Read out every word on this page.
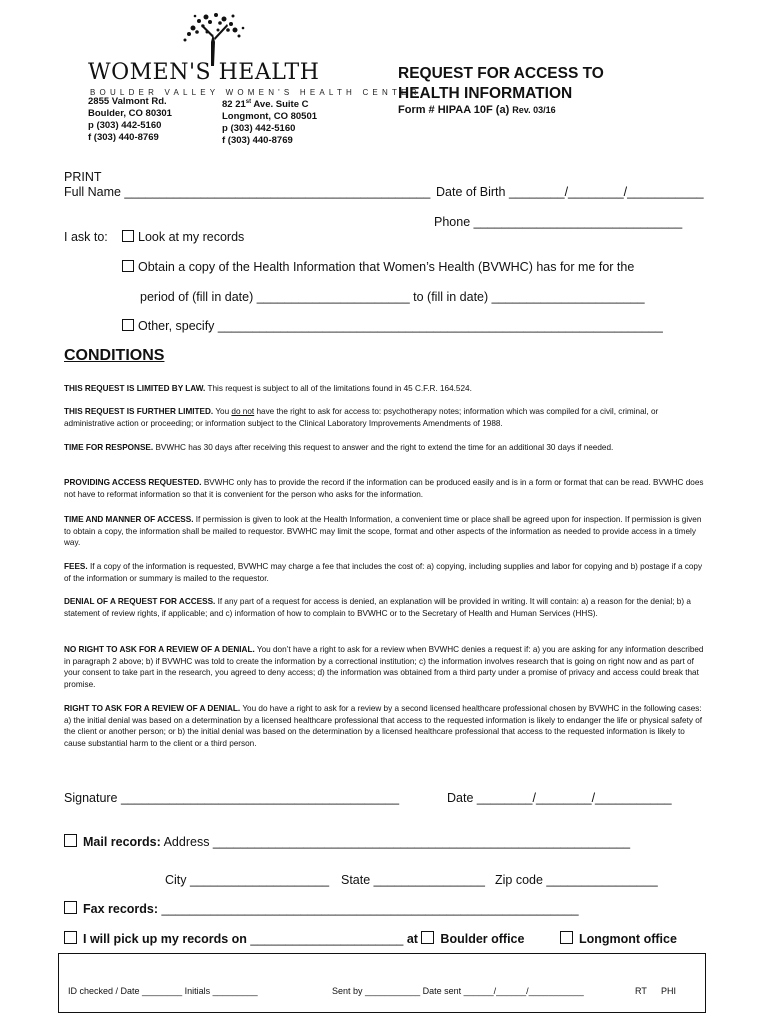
WOMEN'S HEALTH
BOULDER VALLEY WOMEN'S HEALTH CENTER
2855 Valmont Rd.
Boulder, CO 80301
p (303) 442-5160
f (303) 440-8769
82 21st Ave. Suite C
Longmont, CO 80501
p (303) 442-5160
f (303) 440-8769
REQUEST FOR ACCESS TO
HEALTH INFORMATION
Form # HIPAA 10F (a) Rev. 03/16
PRINT
Full Name ____________________________________________ Date of Birth ________/________/___________
Phone ______________________________
I ask to:	Look at my records
Obtain a copy of the Health Information that Women’s Health (BVWHC) has for me for the
period of (fill in date) ______________________ to (fill in date) ______________________
Other, specify ________________________________________________________________
CONDITIONS
THIS REQUEST IS LIMITED BY LAW. This request is subject to all of the limitations found in 45 C.F.R. 164.524.
THIS REQUEST IS FURTHER LIMITED. You do not have the right to ask for access to: psychotherapy notes; information which was compiled for a civil, criminal, or administrative action or proceeding; or information subject to the Clinical Laboratory Improvements Amendments of 1988.
TIME FOR RESPONSE. BVWHC has 30 days after receiving this request to answer and the right to extend the time for an additional 30 days if needed.
PROVIDING ACCESS REQUESTED. BVWHC only has to provide the record if the information can be produced easily and is in a form or format that can be read. BVWHC does not have to reformat information so that it is convenient for the person who asks for the information.
TIME AND MANNER OF ACCESS. If permission is given to look at the Health Information, a convenient time or place shall be agreed upon for inspection. If permission is given to obtain a copy, the information shall be mailed to requestor. BVWHC may limit the scope, format and other aspects of the information as needed to provide access in a timely way.
FEES. If a copy of the information is requested, BVWHC may charge a fee that includes the cost of: a) copying, including supplies and labor for copying and b) postage if a copy of the information or summary is mailed to the requestor.
DENIAL OF A REQUEST FOR ACCESS. If any part of a request for access is denied, an explanation will be provided in writing. It will contain: a) a reason for the denial; b) a statement of review rights, if applicable; and c) information of how to complain to BVWHC or to the Secretary of Health and Human Services (HHS).
NO RIGHT TO ASK FOR A REVIEW OF A DENIAL. You don’t have a right to ask for a review when BVWHC denies a request if: a) you are asking for any information described in paragraph 2 above; b) if BVWHC was told to create the information by a correctional institution; c) the information involves research that is going on right now and as part of your consent to take part in the research, you agreed to deny access; d) the information was obtained from a third party under a promise of privacy and access could break that promise.
RIGHT TO ASK FOR A REVIEW OF A DENIAL. You do have a right to ask for a review by a second licensed healthcare professional chosen by BVWHC in the following cases: a) the initial denial was based on a determination by a licensed healthcare professional that access to the requested information is likely to endanger the life or physical safety of the client or another person; or b) the initial denial was based on the determination by a licensed healthcare professional that access to the requested information is likely to cause substantial harm to the client or a third person.
Signature ________________________________________	Date ________/________/___________
Mail records: Address ____________________________________________________________
City ____________________ State ________________ Zip code ________________
Fax records: ____________________________________________________________
I will pick up my records on ______________________ at Boulder office	Longmont office
ID checked / Date ________ Initials _________	Sent by ___________ Date sent ______/______/___________	RT PHI
